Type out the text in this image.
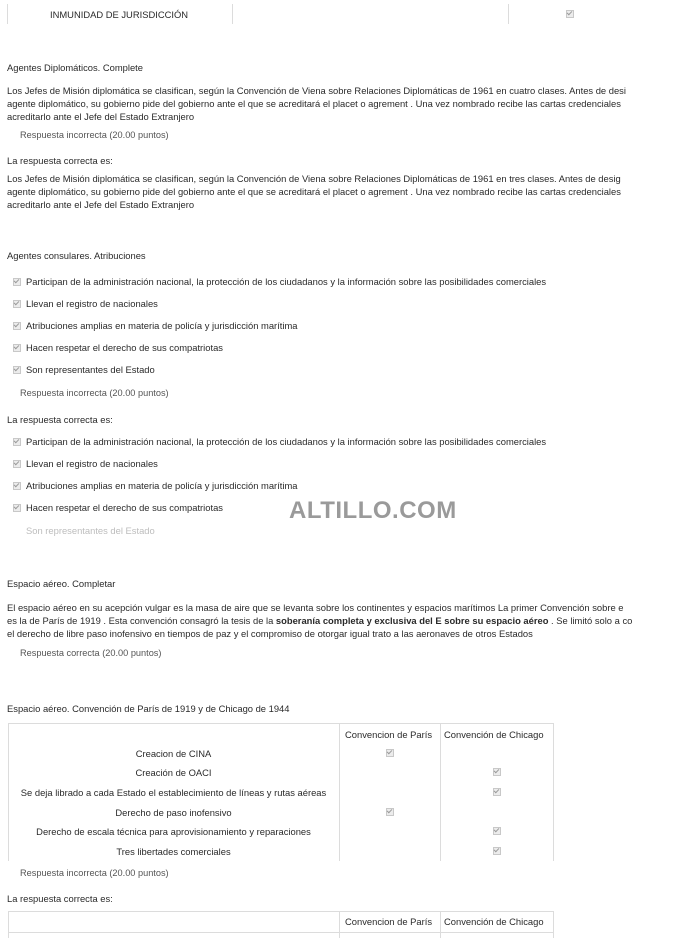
INMUNIDAD DE JURISDICCIÓN
Agentes Diplomáticos. Complete
Los Jefes de Misión diplomática se clasifican, según la Convención de Viena sobre Relaciones Diplomáticas de 1961 en cuatro clases. Antes de desi
agente diplomático, su gobierno pide del gobierno ante el que se acreditará el placet o agrement . Una vez nombrado recibe las cartas credenciales
acreditarlo ante el Jefe del Estado Extranjero
Respuesta incorrecta (20.00 puntos)
La respuesta correcta es:
Los Jefes de Misión diplomática se clasifican, según la Convención de Viena sobre Relaciones Diplomáticas de 1961 en tres clases. Antes de desig
agente diplomático, su gobierno pide del gobierno ante el que se acreditará el placet o agrement . Una vez nombrado recibe las cartas credenciales
acreditarlo ante el Jefe del Estado Extranjero
Agentes consulares. Atribuciones
Participan de la administración nacional, la protección de los ciudadanos y la información sobre las posibilidades comerciales
Llevan el registro de nacionales
Atribuciones amplias en materia de policía y jurisdicción marítima
Hacen respetar el derecho de sus compatriotas
Son representantes del Estado
Respuesta incorrecta (20.00 puntos)
La respuesta correcta es:
Participan de la administración nacional, la protección de los ciudadanos y la información sobre las posibilidades comerciales
Llevan el registro de nacionales
Atribuciones amplias en materia de policía y jurisdicción marítima
Hacen respetar el derecho de sus compatriotas
Son representantes del Estado
ALTILLO.COM
Espacio aéreo. Completar
El espacio aéreo en su acepción vulgar es la masa de aire que se levanta sobre los continentes y espacios marítimos La primer Convención sobre e
es la de París de 1919 . Esta convención consagró la tesis de la soberanía completa y exclusiva del E sobre su espacio aéreo . Se limitó solo a co
el derecho de libre paso inofensivo en tiempos de paz y el compromiso de otorgar igual trato a las aeronaves de otros Estados
Respuesta correcta (20.00 puntos)
Espacio aéreo. Convención de París de 1919 y de Chicago de 1944
Convencion de París Convención de Chicago
Creacion de CINA
Creación de OACI
Se deja librado a cada Estado el establecimiento de líneas y rutas aéreas
Derecho de paso inofensivo
Derecho de escala técnica para aprovisionamiento y reparaciones
Tres libertades comerciales
Respuesta incorrecta (20.00 puntos)
La respuesta correcta es:
Convencion de París Convención de Chicago
